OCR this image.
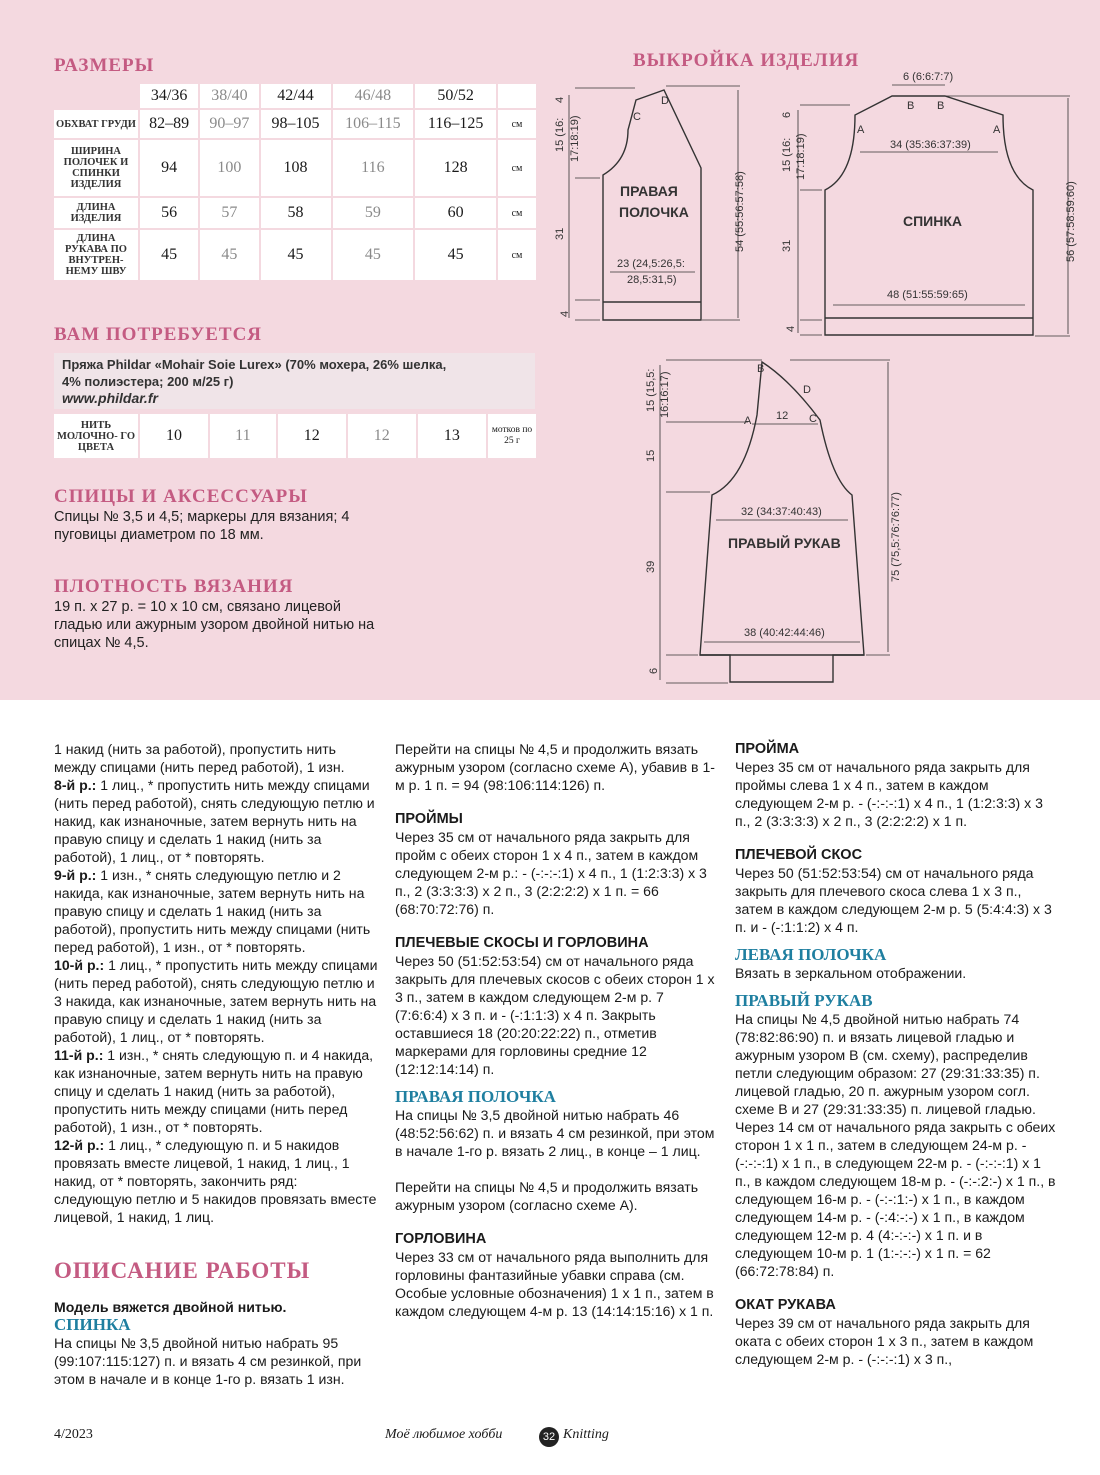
РАЗМЕРЫ
	34/36	38/40	42/44	46/48	50/52	
ОБХВАТ ГРУДИ	82–89	90–97	98–105	106–115	116–125	см
ШИРИНА ПОЛОЧЕК И СПИНКИ ИЗДЕЛИЯ	94	100	108	116	128	см
ДЛИНА ИЗДЕЛИЯ	56	57	58	59	60	см
ДЛИНА РУКАВА ПО ВНУТРЕН- НЕМУ ШВУ	45	45	45	45	45	см
ВАМ ПОТРЕБУЕТСЯ
Пряжа Phildar «Mohair Soie Lurex» (70% мохера, 26% шелка,
4% полиэстера; 200 м/25 г)
www.phildar.fr
НИТЬ МОЛОЧНО- ГО ЦВЕТА	10	11	12	12	13	мотков по 25 г
СПИЦЫ И АКСЕССУАРЫ
Спицы № 3,5 и 4,5; маркеры для вязания; 4 пуговицы диаметром по 18 мм.
ПЛОТНОСТЬ ВЯЗАНИЯ
19 п. x 27 р. = 10 x 10 см, связано лицевой гладью или ажурным узором двойной нитью на спицах № 4,5.
ВЫКРОЙКА ИЗДЕЛИЯ
ПРАВАЯ
ПОЛОЧКА
СПИНКА
ПРАВЫЙ РУКАВ
C
D
23 (24,5:26,5:
28,5:31,5)
4
15 (16: 17:18:19)
31
4
54 (55:56:57:58)
6 (6:6:7:7)
A	A
B B
34 (35:36:37:39)
48 (51:55:59:65)
6
15 (16: 17:18:19)
31
4
56 (57:58:59:60)
B
D
A	C
12
32 (34:37:40:43)
38 (40:42:44:46)
15 (15,5: 16:16:17)
15
39
6
75 (75,5:76:76:77)

1 накид (нить за работой), пропустить нить между спицами (нить перед работой), 1 изн.

8-й р.: 1 лиц., * пропустить нить между спицами (нить перед работой), снять следующую петлю и накид, как изнаночные, затем вернуть нить на правую спицу и сделать 1 накид (нить за работой), 1 лиц., от * повторять.

9-й р.: 1 изн., * снять следующую петлю и 2 накида, как изнаночные, затем вернуть нить на правую спицу и сделать 1 накид (нить за работой), пропустить нить между спицами (нить перед работой), 1 изн., от * повторять.

10-й р.: 1 лиц., * пропустить нить между спицами (нить перед работой), снять следующую петлю и 3 накида, как изнаночные, затем вернуть нить на правую спицу и сделать 1 накид (нить за работой), 1 лиц., от * повторять.

11-й р.: 1 изн., * снять следующую п. и 4 накида, как изнаночные, затем вернуть нить на правую спицу и сделать 1 накид (нить за работой), пропустить нить между спицами (нить перед работой), 1 изн., от * повторять.

12-й р.: 1 лиц., * следующую п. и 5 накидов провязать вместе лицевой, 1 накид, 1 лиц., 1 накид, от * повторять, закончить ряд: следующую петлю и 5 накидов провязать вместе лицевой, 1 накид, 1 лиц.

ОПИСАНИЕ РАБОТЫ

Модель вяжется двойной нитью.

СПИНКА

На спицы № 3,5 двойной нитью набрать 95 (99:107:115:127) п. и вязать 4 см резинкой, при этом в начале и в конце 1-го р. вязать 1 изн.

Перейти на спицы № 4,5 и продолжить вязать ажурным узором (согласно схеме А), убавив в 1-м р. 1 п. = 94 (98:106:114:126) п.

ПРОЙМЫ

Через 35 см от начального ряда закрыть для пройм с обеих сторон 1 x 4 п., затем в каждом следующем 2-м р.: - (-:-:-:1) x 4 п., 1 (1:2:3:3) x 3 п., 2 (3:3:3:3) x 2 п., 3 (2:2:2:2) x 1 п. = 66 (68:70:72:76) п.

ПЛЕЧЕВЫЕ СКОСЫ И ГОРЛОВИНА

Через 50 (51:52:53:54) см от начального ряда закрыть для плечевых скосов с обеих сторон 1 x 3 п., затем в каждом следующем 2-м р. 7 (7:6:6:4) x 3 п. и - (-:1:1:3) x 4 п. Закрыть оставшиеся 18 (20:20:22:22) п., отметив маркерами для горловины средние 12 (12:12:14:14) п.

ПРАВАЯ ПОЛОЧКА

На спицы № 3,5 двойной нитью набрать 46 (48:52:56:62) п. и вязать 4 см резинкой, при этом в начале 1-го р. вязать 2 лиц., в конце – 1 лиц.

Перейти на спицы № 4,5 и продолжить вязать ажурным узором (согласно схеме А).

ГОРЛОВИНА

Через 33 см от начального ряда выполнить для горловины фантазийные убавки справа (см. Особые условные обозначения) 1 x 1 п., затем в каждом следующем 4-м р. 13 (14:14:15:16) x 1 п.

ПРОЙМА

Через 35 см от начального ряда закрыть для проймы слева 1 x 4 п., затем в каждом следующем 2-м р. - (-:-:-:1) x 4 п., 1 (1:2:3:3) x 3 п., 2 (3:3:3:3) x 2 п., 3 (2:2:2:2) x 1 п.

ПЛЕЧЕВОЙ СКОС

Через 50 (51:52:53:54) см от начального ряда закрыть для плечевого скоса слева 1 x 3 п., затем в каждом следующем 2-м р. 5 (5:4:4:3) x 3 п. и - (-:1:1:2) x 4 п.

ЛЕВАЯ ПОЛОЧКА

Вязать в зеркальном отображении.

ПРАВЫЙ РУКАВ

На спицы № 4,5 двойной нитью набрать 74 (78:82:86:90) п. и вязать лицевой гладью и ажурным узором В (см. схему), распределив петли следующим образом: 27 (29:31:33:35) п. лицевой гладью, 20 п. ажурным узором согл. схеме В и 27 (29:31:33:35) п. лицевой гладью.

Через 14 см от начального ряда закрыть с обеих сторон 1 x 1 п., затем в следующем 24-м р. - (-:-:-:1) x 1 п., в следующем 22-м р. - (-:-:-:1) x 1 п., в каждом следующем 18-м р. - (-:-:2:-) x 1 п., в следующем 16-м р. - (-:-:1:-) x 1 п., в каждом следующем 14-м р. - (-:4:-:-) x 1 п., в каждом следующем 12-м р. 4 (4:-:-:-) x 1 п. и в следующем 10-м р. 1 (1:-:-:-) x 1 п. = 62 (66:72:78:84) п.

ОКАТ РУКАВА

Через 39 см от начального ряда закрыть для оката с обеих сторон 1 x 3 п., затем в каждом следующем 2-м р. - (-:-:-:1) x 3 п.,

4/2023	Моё любимое хобби	32 Knitting
